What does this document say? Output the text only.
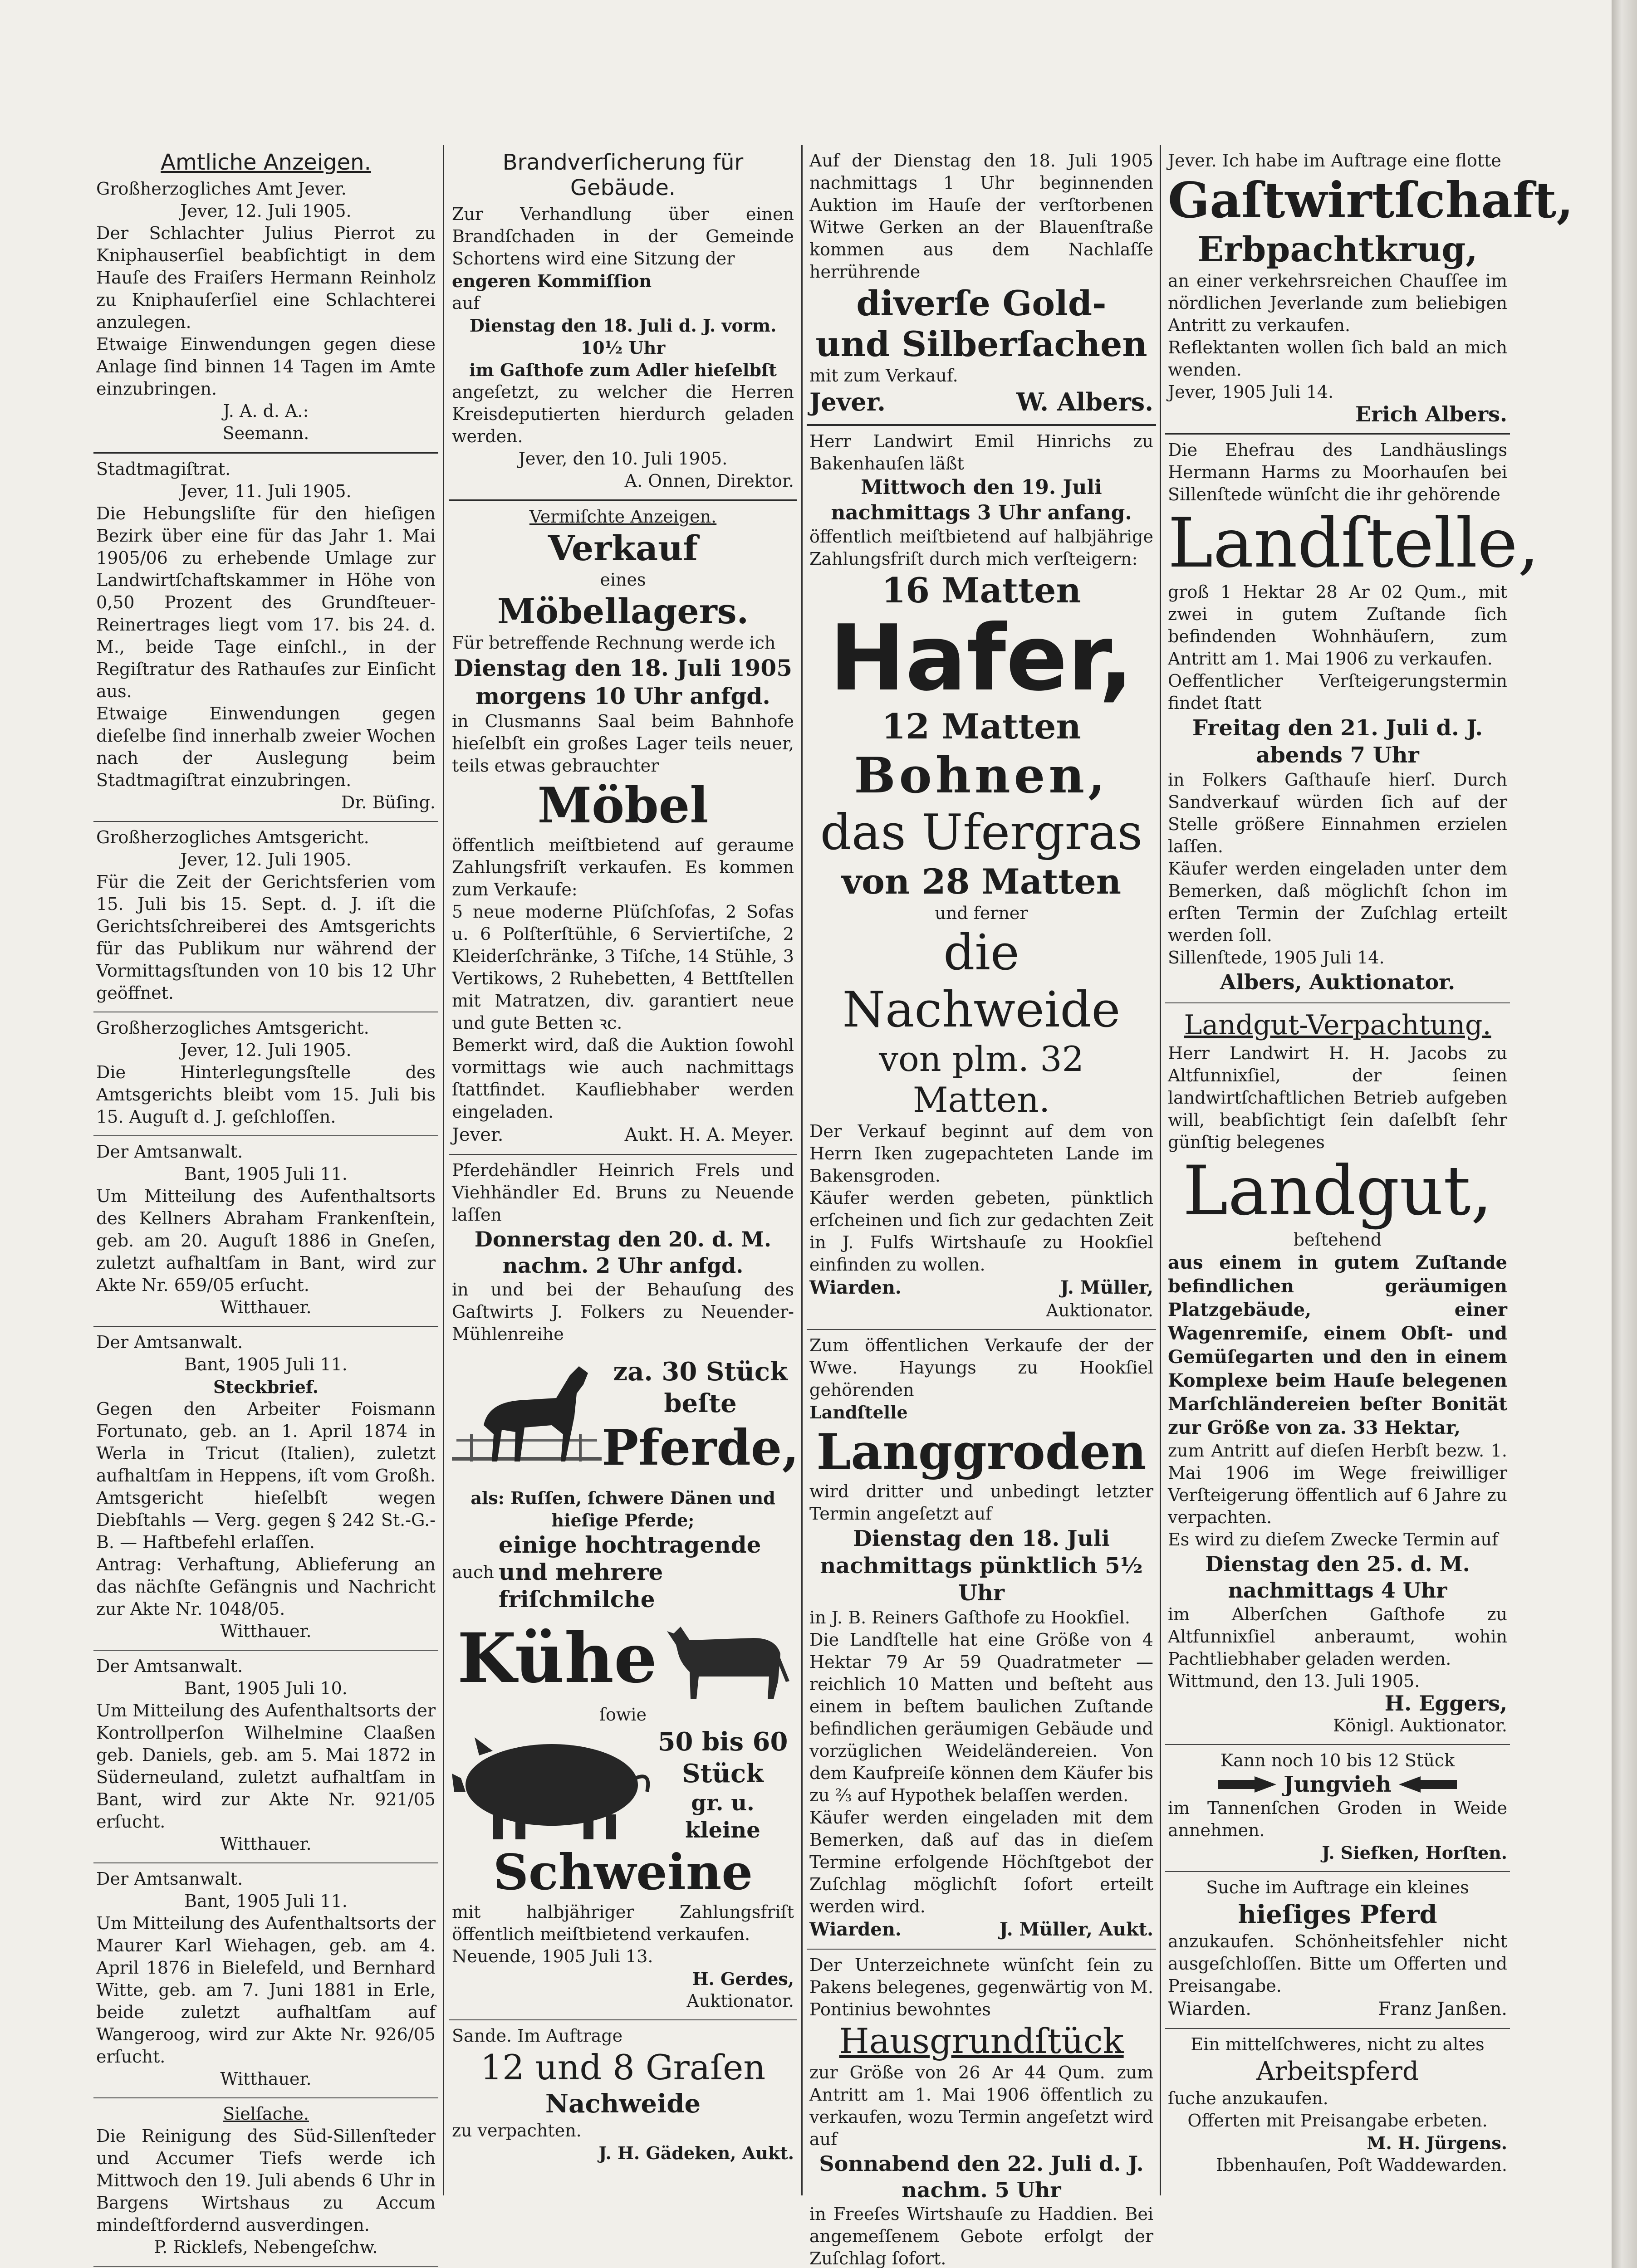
Amtliche Anzeigen.
Großherzogliches Amt Jever.
Jever, 12. Juli 1905.
Der Schlachter Julius Pierrot zu Kniphauserſiel beabſichtigt in dem Hauſe des Fraiſers Hermann Reinholz zu Kniphauſerſiel eine Schlachterei anzulegen.
Etwaige Einwendungen gegen diese Anlage ſind binnen 14 Tagen im Amte einzubringen.
J. A. d. A.:
Seemann.
Stadtmagiſtrat.
Jever, 11. Juli 1905.
Die Hebungsliſte für den hieſigen Bezirk über eine für das Jahr 1. Mai 1905/06 zu erhebende Umlage zur Landwirtſchaftskammer in Höhe von 0,50 Prozent des Grundſteuer-Reinertrages liegt vom 17. bis 24. d. M., beide Tage einſchl., in der Regiſtratur des Rathauſes zur Einſicht aus.
Etwaige Einwendungen gegen dieſelbe ſind innerhalb zweier Wochen nach der Auslegung beim Stadtmagiſtrat einzubringen.
Dr. Büſing.
Großherzogliches Amtsgericht.
Jever, 12. Juli 1905.
Für die Zeit der Gerichtsferien vom 15. Juli bis 15. Sept. d. J. iſt die Gerichtsſchreiberei des Amtsgerichts für das Publikum nur während der Vormittagsſtunden von 10 bis 12 Uhr geöffnet.
Großherzogliches Amtsgericht.
Jever, 12. Juli 1905.
Die Hinterlegungsſtelle des Amtsgerichts bleibt vom 15. Juli bis 15. Auguſt d. J. geſchloſſen.
Der Amtsanwalt.
Bant, 1905 Juli 11.
Um Mitteilung des Aufenthaltsorts des Kellners Abraham Frankenſtein, geb. am 20. Auguſt 1886 in Gneſen, zuletzt aufhaltſam in Bant, wird zur Akte Nr. 659/05 erſucht.
Witthauer.
Der Amtsanwalt.
Bant, 1905 Juli 11.
Steckbrief.
Gegen den Arbeiter Foismann Fortunato, geb. an 1. April 1874 in Werla in Tricut (Italien), zuletzt aufhaltſam in Heppens, iſt vom Großh. Amtsgericht hieſelbſt wegen Diebſtahls — Verg. gegen § 242 St.-G.-B. — Haftbefehl erlaſſen.
Antrag: Verhaftung, Ablieferung an das nächſte Gefängnis und Nachricht zur Akte Nr. 1048/05.
Witthauer.
Der Amtsanwalt.
Bant, 1905 Juli 10.
Um Mitteilung des Aufenthaltsorts der Kontrollperſon Wilhelmine Claaßen geb. Daniels, geb. am 5. Mai 1872 in Süderneuland, zuletzt aufhaltſam in Bant, wird zur Akte Nr. 921/05 erſucht.
Witthauer.
Der Amtsanwalt.
Bant, 1905 Juli 11.
Um Mitteilung des Aufenthaltsorts der Maurer Karl Wiehagen, geb. am 4. April 1876 in Bielefeld, und Bernhard Witte, geb. am 7. Juni 1881 in Erle, beide zuletzt aufhaltſam auf Wangeroog, wird zur Akte Nr. 926/05 erſucht.
Witthauer.
Sielſache.
Die Reinigung des Süd-Sillenſteder und Accumer Tiefs werde ich Mittwoch den 19. Juli abends 6 Uhr in Bargens Wirtshaus zu Accum mindeſtfordernd ausverdingen.
P. Ricklefs, Nebengeſchw.
Brandverſicherung für Gebäude.
Zur Verhandlung über einen Brandſchaden in der Gemeinde Schortens wird eine Sitzung der
engeren Kommiſſion
auf
Dienstag den 18. Juli d. J. vorm. 10½ Uhr
im Gaſthofe zum Adler hieſelbſt
angeſetzt, zu welcher die Herren Kreisdeputierten hierdurch geladen werden.
Jever, den 10. Juli 1905.
A. Onnen, Direktor.
Vermiſchte Anzeigen.
Verkauf
eines
Möbellagers.
Für betreffende Rechnung werde ich
Dienstag den 18. Juli 1905 morgens 10 Uhr anfgd.
in Clusmanns Saal beim Bahnhofe hieſelbſt ein großes Lager teils neuer, teils etwas gebrauchter
Möbel
öffentlich meiſtbietend auf geraume Zahlungsfriſt verkaufen. Es kommen zum Verkaufe:
5 neue moderne Plüſchſofas, 2 Sofas u. 6 Polſterſtühle, 6 Serviertiſche, 2 Kleiderſchränke, 3 Tiſche, 14 Stühle, 3 Vertikows, 2 Ruhebetten, 4 Bettſtellen mit Matratzen, div. garantiert neue und gute Betten ꝛc.
Bemerkt wird, daß die Auktion ſowohl vormittags wie auch nachmittags ſtattfindet. Kaufliebhaber werden eingeladen.
Jever.	Aukt. H. A. Meyer.
Pferdehändler Heinrich Frels und Viehhändler Ed. Bruns zu Neuende laſſen
Donnerstag den 20. d. M. nachm. 2 Uhr anfgd.
in und bei der Behauſung des Gaſtwirts J. Folkers zu Neuender-Mühlenreihe
za. 30 Stück
beſte
Pferde,
als: Ruſſen, ſchwere Dänen und hieſige Pferde;
auch
einige hochtragende und mehrere friſchmilche
Kühe
ſowie
50 bis 60
Stück
gr. u. kleine
Schweine
mit halbjähriger Zahlungsfriſt öffentlich meiſtbietend verkaufen.
Neuende, 1905 Juli 13.
H. Gerdes,
Auktionator.
Sande. Im Auftrage
12 und 8 Graſen
Nachweide
zu verpachten.
J. H. Gädeken, Aukt.
Auf der Dienstag den 18. Juli 1905 nachmittags 1 Uhr beginnenden Auktion im Hauſe der verſtorbenen Witwe Gerken an der Blauenſtraße kommen aus dem Nachlaſſe herrührende
diverſe Gold-
und Silberſachen
mit zum Verkauf.
Jever.	W. Albers.
Herr Landwirt Emil Hinrichs zu Bakenhauſen läßt
Mittwoch den 19. Juli nachmittags 3 Uhr anfang.
öffentlich meiſtbietend auf halbjährige Zahlungsfriſt durch mich verſteigern:
16 Matten
Hafer,
12 Matten
Bohnen,
das Ufergras
von 28 Matten
und ferner
die Nachweide
von plm. 32 Matten.
Der Verkauf beginnt auf dem von Herrn Iken zugepachteten Lande im Bakensgroden.
Käufer werden gebeten, pünktlich erſcheinen und ſich zur gedachten Zeit in J. Fulfs Wirtshauſe zu Hookſiel einfinden zu wollen.
Wiarden.	J. Müller,
Auktionator.
Zum öffentlichen Verkaufe der der Wwe. Hayungs zu Hookſiel gehörenden
Landſtelle
Langgroden
wird dritter und unbedingt letzter Termin angeſetzt auf
Dienstag den 18. Juli nachmittags pünktlich 5½ Uhr
in J. B. Reiners Gaſthofe zu Hookſiel.
Die Landſtelle hat eine Größe von 4 Hektar 79 Ar 59 Quadratmeter — reichlich 10 Matten und beſteht aus einem in beſtem baulichen Zuſtande befindlichen geräumigen Gebäude und vorzüglichen Weideländereien. Von dem Kaufpreiſe können dem Käufer bis zu ⅔ auf Hypothek belaſſen werden.
Käufer werden eingeladen mit dem Bemerken, daß auf das in dieſem Termine erfolgende Höchſtgebot der Zuſchlag möglichſt ſofort erteilt werden wird.
Wiarden.	J. Müller, Aukt.
Der Unterzeichnete wünſcht ſein zu Pakens belegenes, gegenwärtig von M. Pontinius bewohntes
Hausgrundſtück
zur Größe von 26 Ar 44 Qum. zum Antritt am 1. Mai 1906 öffentlich zu verkaufen, wozu Termin angeſetzt wird auf
Sonnabend den 22. Juli d. J. nachm. 5 Uhr
in Freeſes Wirtshauſe zu Haddien. Bei angemeſſenem Gebote erfolgt der Zuſchlag ſofort.
Jever. Ich habe im Auftrage eine flotte
Gaſtwirtſchaft,
Erbpachtkrug,
an einer verkehrsreichen Chauſſee im nördlichen Jeverlande zum beliebigen Antritt zu verkaufen.
Reflektanten wollen ſich bald an mich wenden.
Jever, 1905 Juli 14.
Erich Albers.
Die Ehefrau des Landhäuslings Hermann Harms zu Moorhauſen bei Sillenſtede wünſcht die ihr gehörende
Landſtelle,
groß 1 Hektar 28 Ar 02 Qum., mit zwei in gutem Zuſtande ſich befindenden Wohnhäuſern, zum Antritt am 1. Mai 1906 zu verkaufen.
Oeffentlicher Verſteigerungstermin findet ſtatt
Freitag den 21. Juli d. J. abends 7 Uhr
in Folkers Gaſthauſe hierſ. Durch Sandverkauf würden ſich auf der Stelle größere Einnahmen erzielen laſſen.
Käufer werden eingeladen unter dem Bemerken, daß möglichſt ſchon im erſten Termin der Zuſchlag erteilt werden ſoll.
Sillenſtede, 1905 Juli 14.
Albers, Auktionator.
Landgut-Verpachtung.
Herr Landwirt H. H. Jacobs zu Altfunnixſiel, der ſeinen landwirtſchaftlichen Betrieb aufgeben will, beabſichtigt ſein daſelbſt ſehr günſtig belegenes
Landgut,
beſtehend
aus einem in gutem Zuſtande befindlichen geräumigen Platzgebäude, einer Wagenremiſe, einem Obſt- und Gemüſegarten und den in einem Komplexe beim Hauſe belegenen Marſchländereien beſter Bonität zur Größe von za. 33 Hektar,
zum Antritt auf dieſen Herbſt bezw. 1. Mai 1906 im Wege freiwilliger Verſteigerung öffentlich auf 6 Jahre zu verpachten.
Es wird zu dieſem Zwecke Termin auf
Dienstag den 25. d. M. nachmittags 4 Uhr
im Alberſchen Gaſthofe zu Altfunnixſiel anberaumt, wohin Pachtliebhaber geladen werden.
Wittmund, den 13. Juli 1905.
H. Eggers,
Königl. Auktionator.
Kann noch 10 bis 12 Stück
Jungvieh
im Tannenſchen Groden in Weide annehmen.
J. Siefken, Horſten.
Suche im Auftrage ein kleines
hieſiges Pferd
anzukaufen. Schönheitsfehler nicht ausgeſchloſſen. Bitte um Offerten und Preisangabe.
Wiarden.	Franz Janßen.
Ein mittelſchweres, nicht zu altes
Arbeitspferd
ſuche anzukaufen.
Offerten mit Preisangabe erbeten.
M. H. Jürgens.
Ibbenhauſen, Poſt Waddewarden.
